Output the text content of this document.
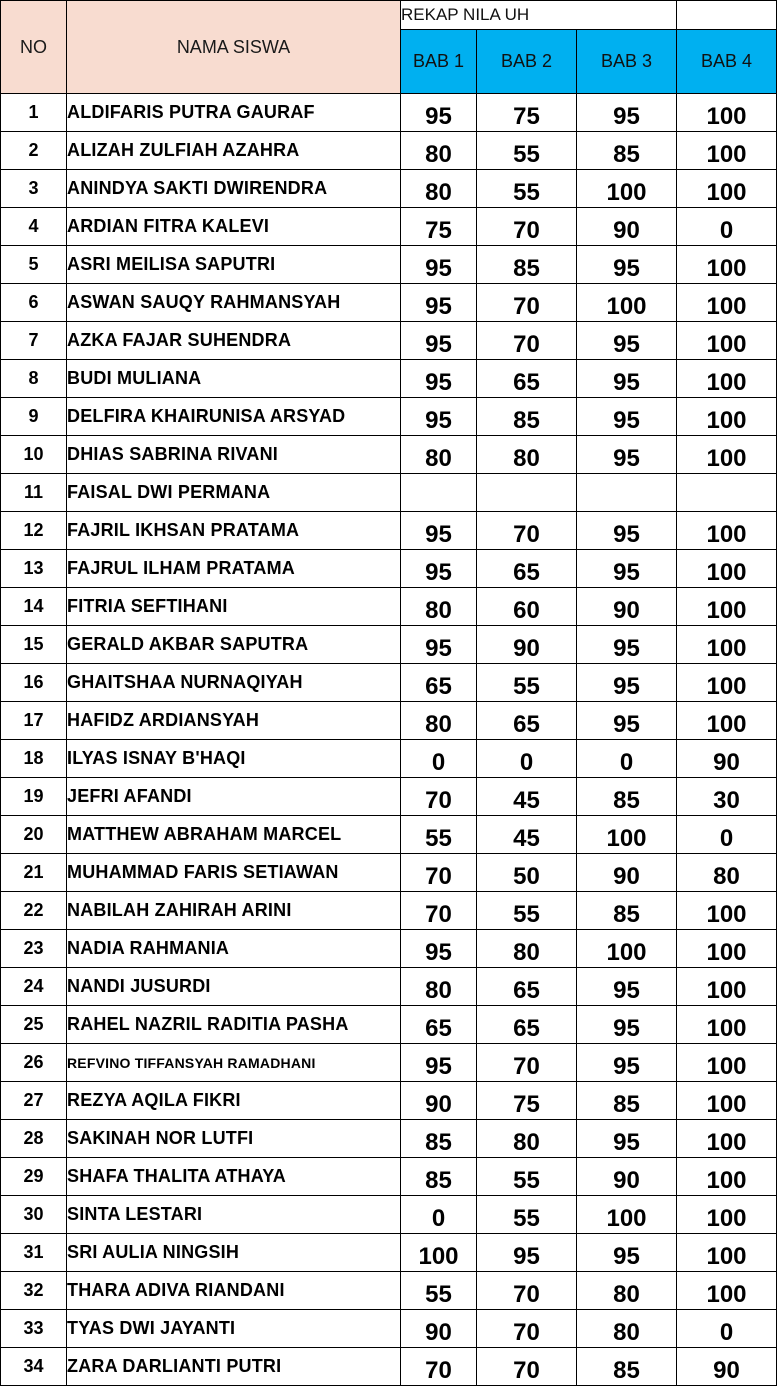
NO	NAMA SISWA	REKAP NILA UH			
		BAB 1	BAB 2	BAB 3	BAB 4
1	ALDIFARIS PUTRA GAURAF	95	75	95	100
2	ALIZAH ZULFIAH AZAHRA	80	55	85	100
3	ANINDYA SAKTI DWIRENDRA	80	55	100	100
4	ARDIAN FITRA KALEVI	75	70	90	0
5	ASRI MEILISA SAPUTRI	95	85	95	100
6	ASWAN SAUQY RAHMANSYAH	95	70	100	100
7	AZKA FAJAR SUHENDRA	95	70	95	100
8	BUDI MULIANA	95	65	95	100
9	DELFIRA KHAIRUNISA ARSYAD	95	85	95	100
10	DHIAS SABRINA RIVANI	80	80	95	100
11	FAISAL DWI PERMANA				
12	FAJRIL IKHSAN PRATAMA	95	70	95	100
13	FAJRUL ILHAM PRATAMA	95	65	95	100
14	FITRIA SEFTIHANI	80	60	90	100
15	GERALD AKBAR SAPUTRA	95	90	95	100
16	GHAITSHAA NURNAQIYAH	65	55	95	100
17	HAFIDZ ARDIANSYAH	80	65	95	100
18	ILYAS ISNAY B'HAQI	0	0	0	90
19	JEFRI AFANDI	70	45	85	30
20	MATTHEW ABRAHAM MARCEL	55	45	100	0
21	MUHAMMAD FARIS SETIAWAN	70	50	90	80
22	NABILAH ZAHIRAH ARINI	70	55	85	100
23	NADIA RAHMANIA	95	80	100	100
24	NANDI JUSURDI	80	65	95	100
25	RAHEL NAZRIL RADITIA PASHA	65	65	95	100
26	REFVINO TIFFANSYAH RAMADHANI	95	70	95	100
27	REZYA AQILA FIKRI	90	75	85	100
28	SAKINAH NOR LUTFI	85	80	95	100
29	SHAFA THALITA ATHAYA	85	55	90	100
30	SINTA LESTARI	0	55	100	100
31	SRI AULIA NINGSIH	100	95	95	100
32	THARA ADIVA RIANDANI	55	70	80	100
33	TYAS DWI JAYANTI	90	70	80	0
34	ZARA DARLIANTI PUTRI	70	70	85	90
